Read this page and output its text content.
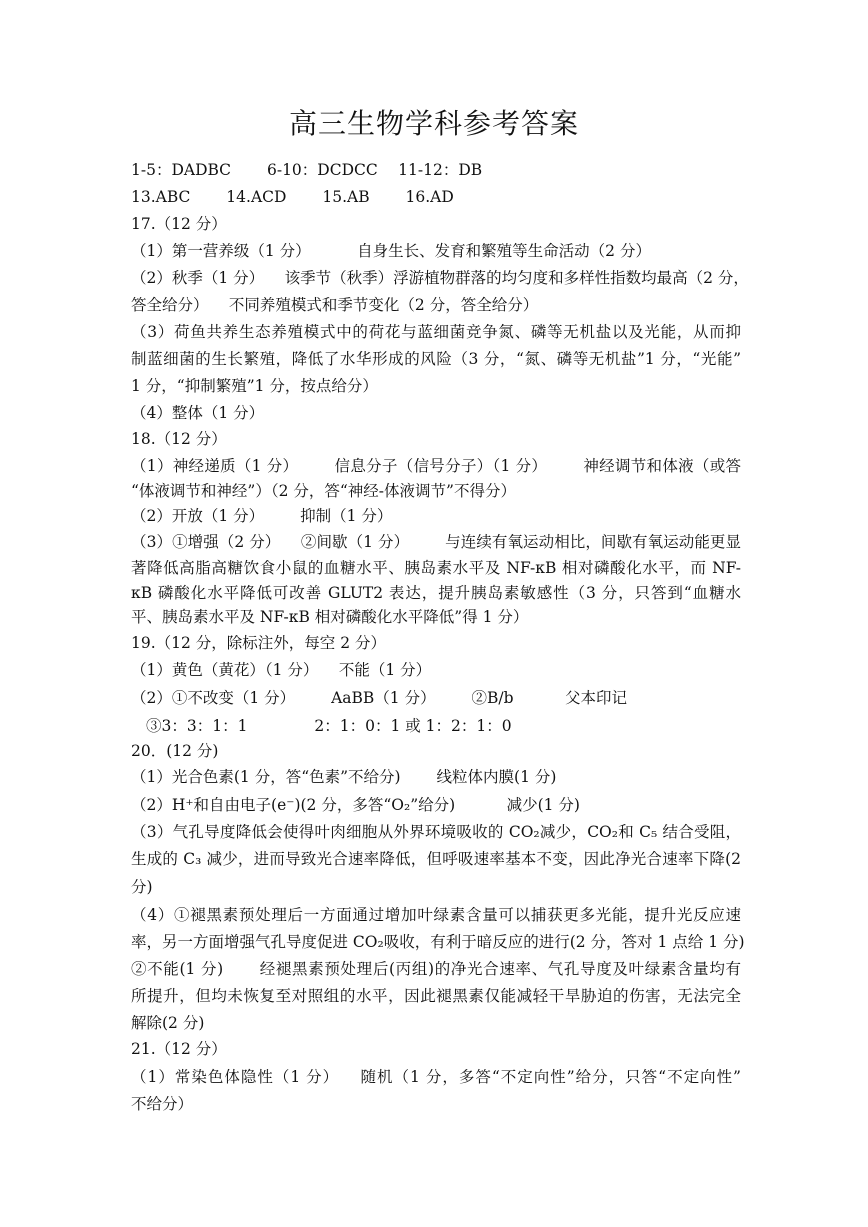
高三生物学科参考答案
1-5：DADBC   6-10：DCDCC  11-12：DB
13.ABC   14.ACD   15.AB   16.AD
17.（12 分）
（1）第一营养级（1 分）   自身生长、发育和繁殖等生命活动（2 分）
（2）秋季（1 分）  该季节（秋季）浮游植物群落的均匀度和多样性指数均最高（2 分，
答全给分）  不同养殖模式和季节变化（2 分，答全给分）
（3）荷鱼共养生态养殖模式中的荷花与蓝细菌竞争氮、磷等无机盐以及光能，从而抑
制蓝细菌的生长繁殖，降低了水华形成的风险（3 分，“氮、磷等无机盐”1 分，“光能”
1 分，“抑制繁殖”1 分，按点给分）
（4）整体（1 分）
18.（12 分）
（1）神经递质（1 分）   信息分子（信号分子）（1 分）   神经调节和体液（或答
“体液调节和神经”）（2 分，答“神经-体液调节”不得分）
（2）开放（1 分）   抑制（1 分）
（3）①增强（2 分）  ②间歇（1 分）   与连续有氧运动相比，间歇有氧运动能更显
著降低高脂高糖饮食小鼠的血糖水平、胰岛素水平及 NF-κB 相对磷酸化水平，而 NF-
κB 磷酸化水平降低可改善 GLUT2 表达，提升胰岛素敏感性（3 分，只答到“血糖水
平、胰岛素水平及 NF-κB 相对磷酸化水平降低”得 1 分）
19.（12 分，除标注外，每空 2 分）
（1）黄色（黄花）（1 分）  不能（1 分）
（2）①不改变（1 分）   AaBB（1 分）   ②B/b    父本印记
③3：3：1：1     2：1：0：1 或 1：2：1：0
20．(12 分)
（1）光合色素(1 分，答“色素”不给分)   线粒体内膜(1 分)
（2）H⁺和自由电子(e⁻)(2 分，多答“O₂”给分)    减少(1 分)
（3）气孔导度降低会使得叶肉细胞从外界环境吸收的 CO₂减少，CO₂和 C₅ 结合受阻，
生成的 C₃ 减少，进而导致光合速率降低，但呼吸速率基本不变，因此净光合速率下降(2
分)
（4）①褪黑素预处理后一方面通过增加叶绿素含量可以捕获更多光能，提升光反应速
率，另一方面增强气孔导度促进 CO₂吸收，有利于暗反应的进行(2 分，答对 1 点给 1 分)
②不能(1 分)   经褪黑素预处理后(丙组)的净光合速率、气孔导度及叶绿素含量均有
所提升，但均未恢复至对照组的水平，因此褪黑素仅能减轻干旱胁迫的伤害，无法完全
解除(2 分)
21.（12 分）
（1）常染色体隐性（1 分）  随机（1 分，多答“不定向性”给分，只答“不定向性”
不给分）
